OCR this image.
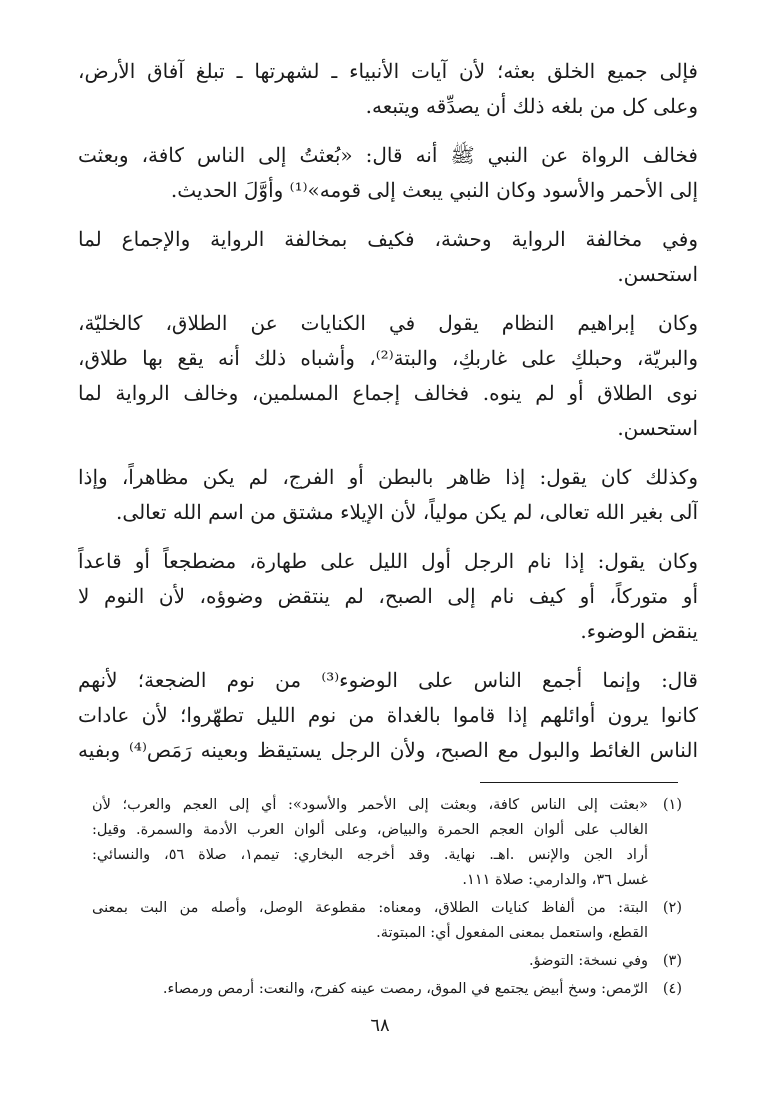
فإلى جميع الخلق بعثه؛ لأن آيات الأنبياء ـ لشهرتها ـ تبلغ آفاق الأرض،
وعلى كل من بلغه ذلك أن يصدِّقه ويتبعه.

فخالف الرواة عن النبي ﷺ أنه قال: «بُعثتُ إلى الناس كافة، وبعثت
إلى الأحمر والأسود وكان النبي يبعث إلى قومه»⁽¹⁾ وأوَّلَ الحديث.

وفي مخالفة الرواية وحشة، فكيف بمخالفة الرواية والإجماع لما
استحسن.

وكان إبراهيم النظام يقول في الكنايات عن الطلاق، كالخليّة،
والبريّة، وحبلكِ على غاربكِ، والبتة⁽²⁾، وأشباه ذلك أنه يقع بها طلاق،
نوى الطلاق أو لم ينوه. فخالف إجماع المسلمين، وخالف الرواية لما
استحسن.

وكذلك كان يقول: إذا ظاهر بالبطن أو الفرج، لم يكن مظاهراً، وإذا
آلى بغير الله تعالى، لم يكن مولياً، لأن الإيلاء مشتق من اسم الله تعالى.

وكان يقول: إذا نام الرجل أول الليل على طهارة، مضطجعاً أو قاعداً
أو متوركاً، أو كيف نام إلى الصبح، لم ينتقض وضوؤه، لأن النوم لا
ينقض الوضوء.

قال: وإنما أجمع الناس على الوضوء⁽³⁾ من نوم الضجعة؛ لأنهم
كانوا يرون أوائلهم إذا قاموا بالغداة من نوم الليل تطهّروا؛ لأن عادات
الناس الغائط والبول مع الصبح، ولأن الرجل يستيقظ وبعينه رَمَص⁽⁴⁾ وبفيه

(١)
«بعثت إلى الناس كافة، وبعثت إلى الأحمر والأسود»: أي إلى العجم والعرب؛ لأن
الغالب على ألوان العجم الحمرة والبياض، وعلى ألوان العرب الأدمة والسمرة. وقيل:
أراد الجن والإنس .اهـ. نهاية. وقد أخرجه البخاري: تيمم١، صلاة ٥٦، والنسائي:
غسل ٣٦، والدارمي: صلاة ١١١.
(٢)
البتة: من ألفاظ كنايات الطلاق، ومعناه: مقطوعة الوصل، وأصله من البت بمعنى
القطع، واستعمل بمعنى المفعول أي: المبتوتة.
(٣)
وفي نسخة: التوضؤ.
(٤)
الرّمص: وسخ أبيض يجتمع في الموق، رمصت عينه كفرح، والنعت: أرمص ورمصاء.
٦٨
